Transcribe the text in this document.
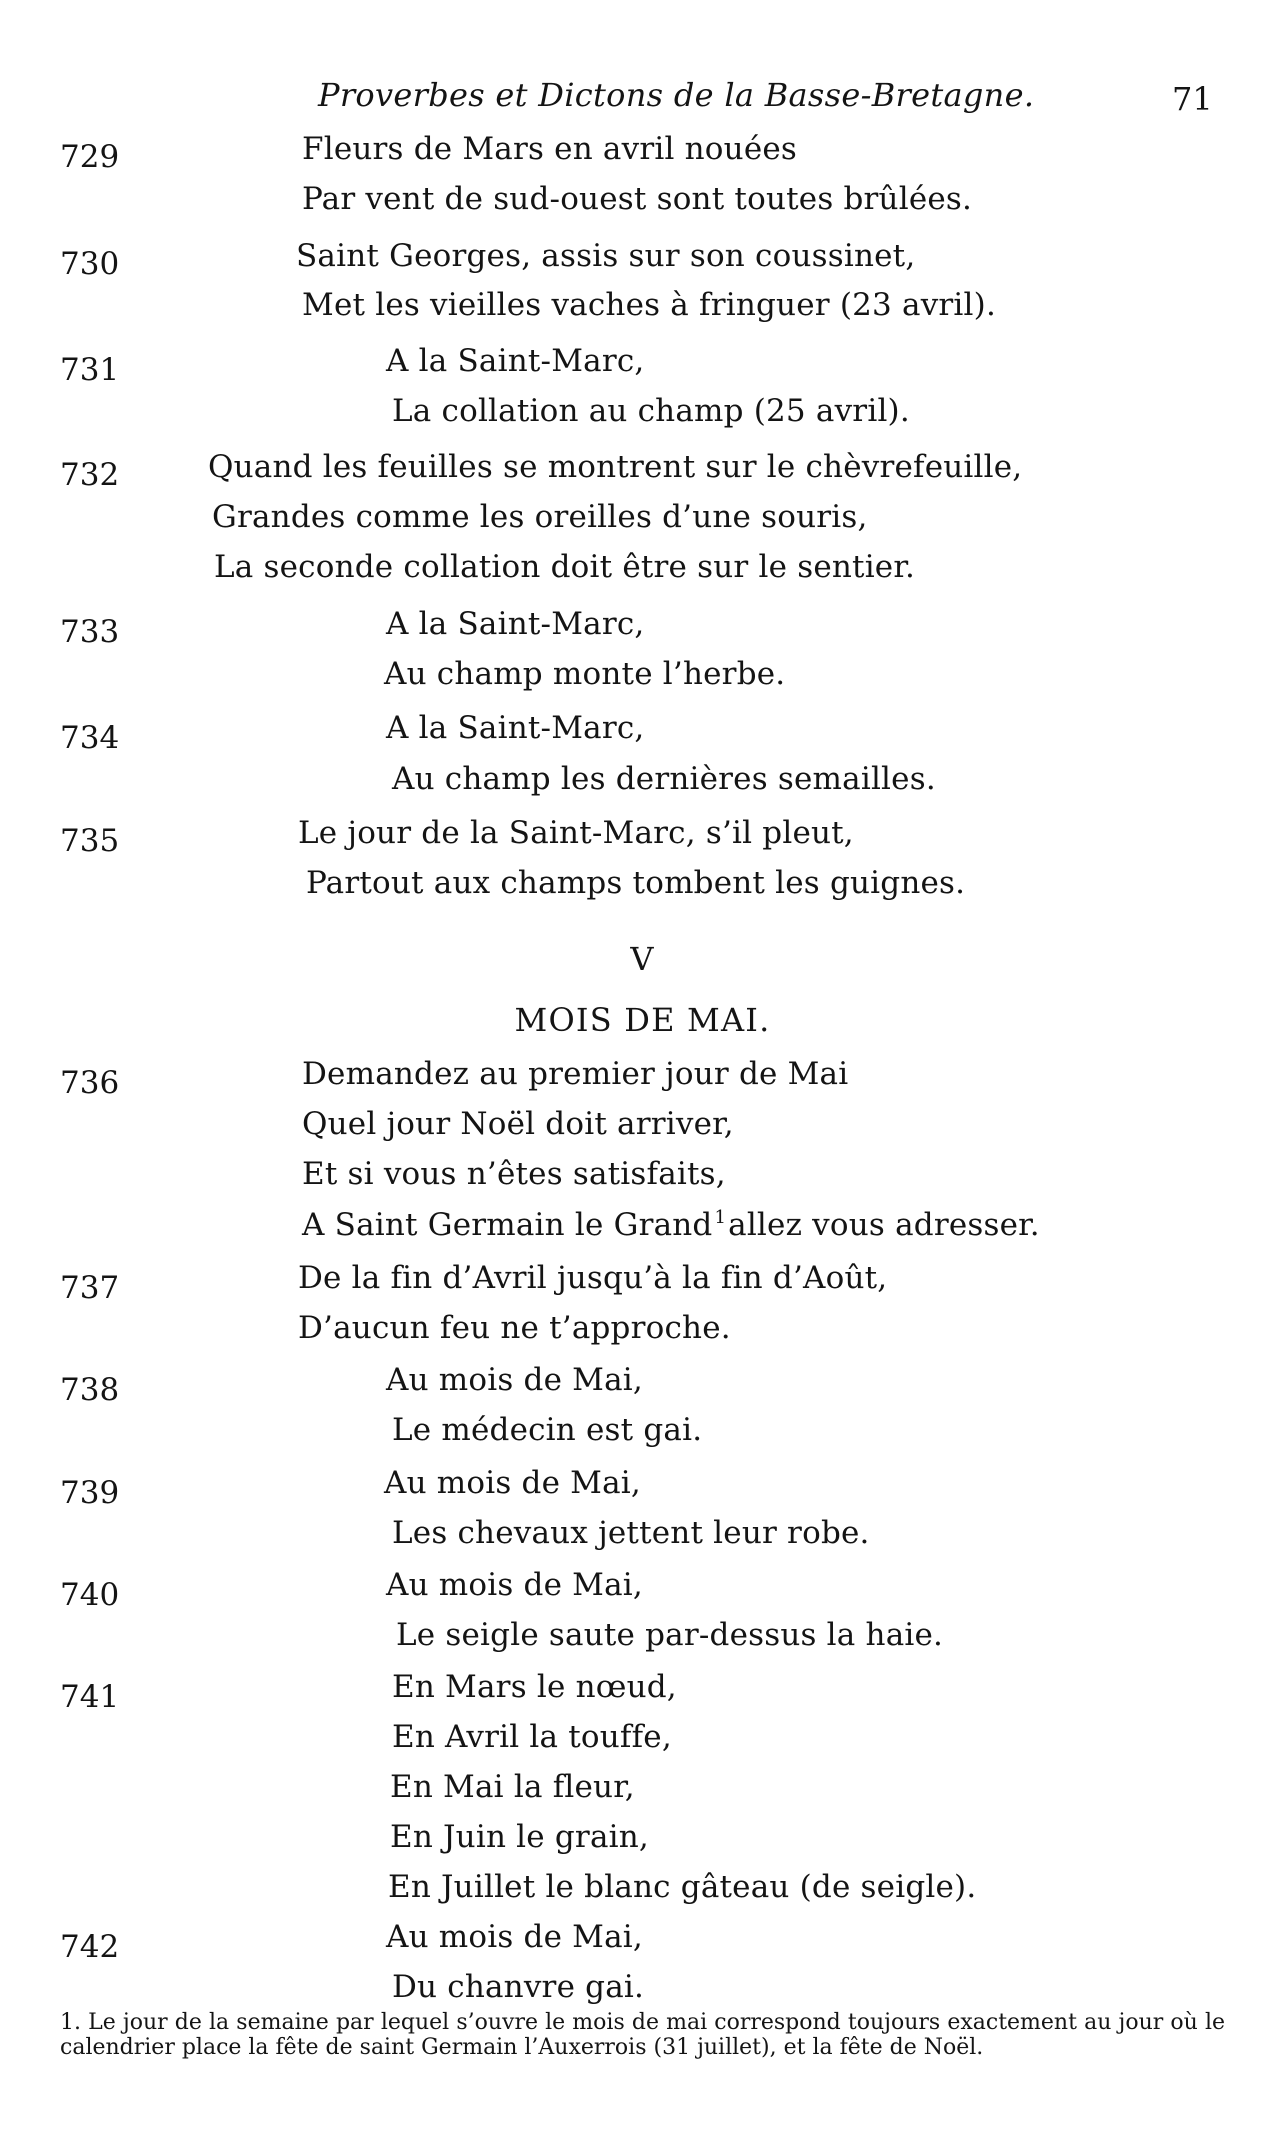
Proverbes et Dictons de la Basse-Bretagne.	71
729	Fleurs de Mars en avril nouées
Par vent de sud-ouest sont toutes brûlées.
730	Saint Georges, assis sur son coussinet,
Met les vieilles vaches à fringuer (23 avril).
731	A la Saint-Marc,
La collation au champ (25 avril).
732	Quand les feuilles se montrent sur le chèvrefeuille,
Grandes comme les oreilles d’une souris,
La seconde collation doit être sur le sentier.
733	A la Saint-Marc,
Au champ monte l’herbe.
734	A la Saint-Marc,
Au champ les dernières semailles.
735	Le jour de la Saint-Marc, s’il pleut,
Partout aux champs tombent les guignes.
V
MOIS DE MAI.
736	Demandez au premier jour de Mai
Quel jour Noël doit arriver,
Et si vous n’êtes satisfaits,
A Saint Germain le Grand $^1$allez vous adresser.
737	De la fin d’Avril jusqu’à la fin d’Août,
D’aucun feu ne t’approche.
738	Au mois de Mai,
Le médecin est gai.
739	Au mois de Mai,
Les chevaux jettent leur robe.
740	Au mois de Mai,
Le seigle saute par-dessus la haie.
741	En Mars le nœud,
En Avril la touffe,
En Mai la fleur,
En Juin le grain,
En Juillet le blanc gâteau (de seigle).
742	Au mois de Mai,
Du chanvre gai.
1. Le jour de la semaine par lequel s’ouvre le mois de mai correspond toujours exactement au jour où le calendrier place la fête de saint Germain l’Auxerrois (31 juillet), et la fête de Noël.
